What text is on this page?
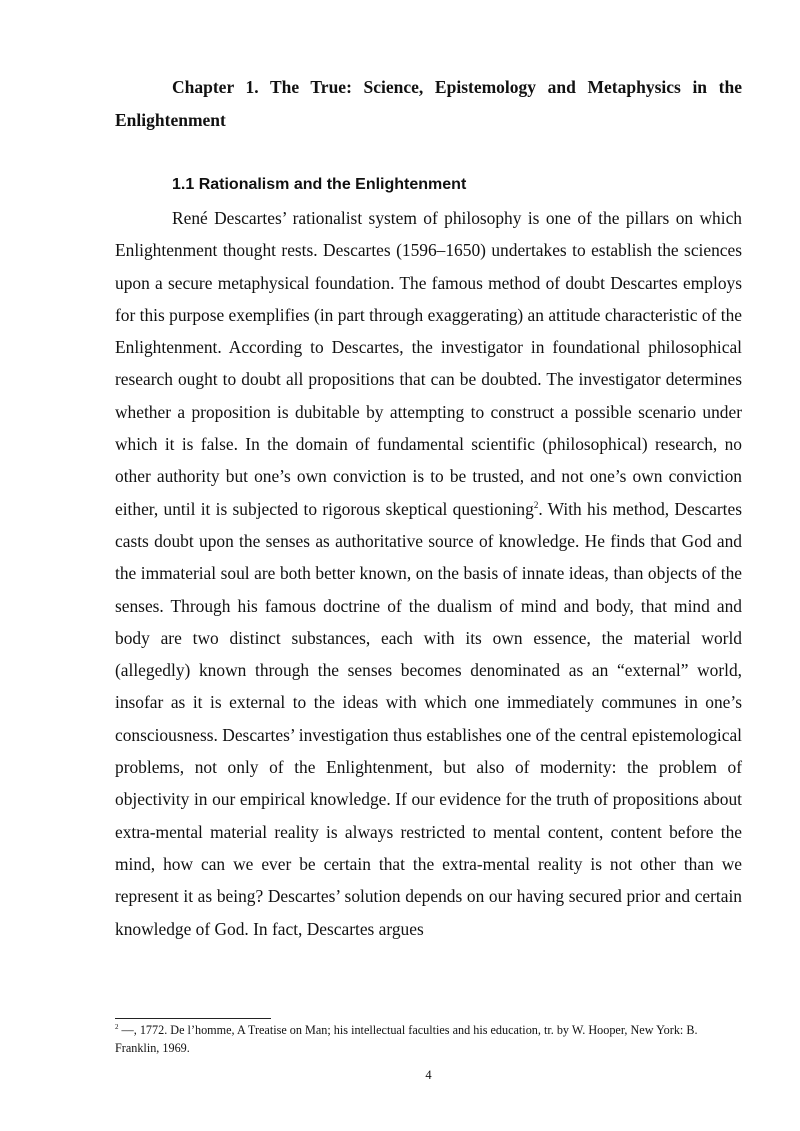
Chapter 1. The True: Science, Epistemology and Metaphysics in the Enlightenment
1.1 Rationalism and the Enlightenment

René Descartes’ rationalist system of philosophy is one of the pillars on which Enlightenment thought rests. Descartes (1596–1650) undertakes to establish the sciences upon a secure metaphysical foundation. The famous method of doubt Descartes employs for this purpose exemplifies (in part through exaggerating) an attitude characteristic of the Enlightenment. According to Descartes, the investigator in foundational philosophical research ought to doubt all propositions that can be doubted. The investigator determines whether a proposition is dubitable by attempting to construct a possible scenario under which it is false. In the domain of fundamental scientific (philosophical) research, no other authority but one’s own conviction is to be trusted, and not one’s own conviction either, until it is subjected to rigorous skeptical questioning$^2$. With his method, Descartes casts doubt upon the senses as authoritative source of knowledge. He finds that God and the immaterial soul are both better known, on the basis of innate ideas, than objects of the senses. Through his famous doctrine of the dualism of mind and body, that mind and body are two distinct substances, each with its own essence, the material world (allegedly) known through the senses becomes denominated as an “external” world, insofar as it is external to the ideas with which one immediately communes in one’s consciousness. Descartes’ investigation thus establishes one of the central epistemological problems, not only of the Enlightenment, but also of modernity: the problem of objectivity in our empirical knowledge. If our evidence for the truth of propositions about extra-mental material reality is always restricted to mental content, content before the mind, how can we ever be certain that the extra-mental reality is not other than we represent it as being? Descartes’ solution depends on our having secured prior and certain knowledge of God. In fact, Descartes argues

$^2$ ––, 1772. De l’homme, A Treatise on Man; his intellectual faculties and his education, tr. by W. Hooper, New York: B. Franklin, 1969.

4
